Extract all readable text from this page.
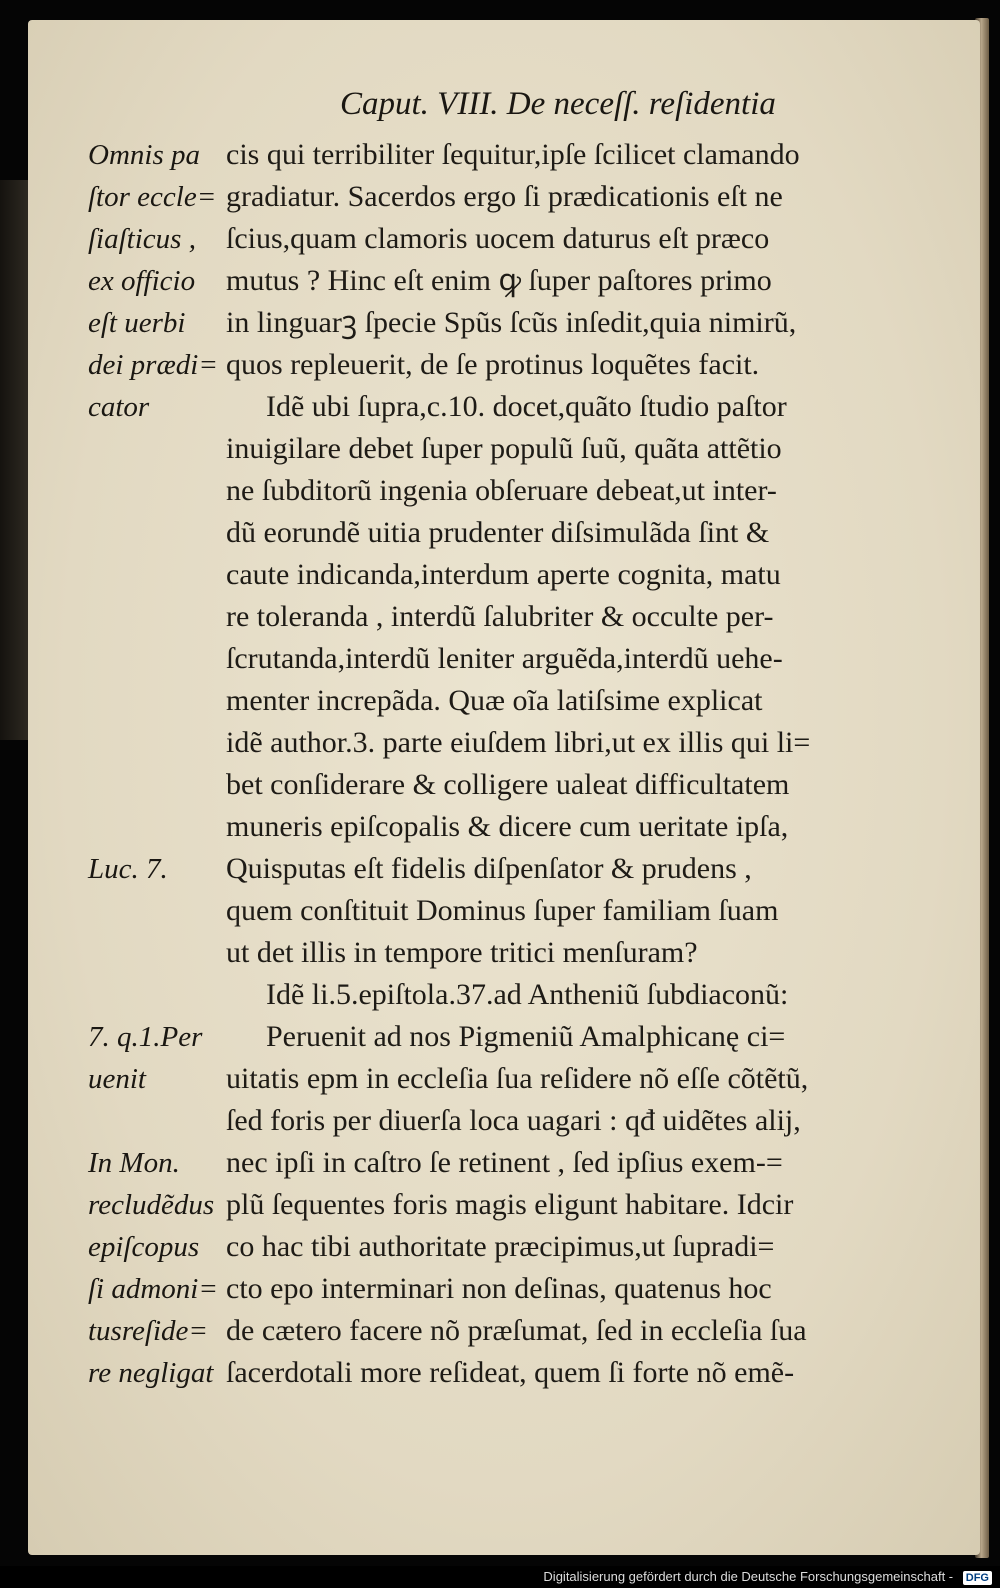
Caput. VIII. De neceſſ. reſidentia

Omnis pa
ſtor eccle=
ſiaſticus ,
ex officio
eſt uerbi
dei prædi=
cator

Luc. 7.

7. q.1.Per
uenit

In Mon.
recludẽdus
epiſcopus
ſi admoni=
tusreſide=
re negligat

cis qui terribiliter ſequitur,ipſe ſcilicet clamando
gradiatur. Sacerdos ergo ſi prædicationis eſt ne
ſcius,quam clamoris uocem daturus eſt præco
mutus ? Hinc eſt enim ꝙ ſuper paſtores primo
in linguarꝫ ſpecie Spũs ſcũs inſedit,quia nimirũ,
quos repleuerit, de ſe protinus loquẽtes facit.
Idẽ ubi ſupra,c.10. docet,quãto ſtudio paſtor
inuigilare debet ſuper populũ ſuũ, quãta attẽtio
ne ſubditorũ ingenia obſeruare debeat,ut inter-
dũ eorundẽ uitia prudenter diſsimulãda ſint &
caute indicanda,interdum aperte cognita, matu
re toleranda , interdũ ſalubriter & occulte per-
ſcrutanda,interdũ leniter arguẽda,interdũ uehe-
menter increpãda. Quæ oĩa latiſsime explicat
idẽ author.3. parte eiuſdem libri,ut ex illis qui li=
bet conſiderare & colligere ualeat difficultatem
muneris epiſcopalis & dicere cum ueritate ipſa,
Quisputas eſt fidelis diſpenſator & prudens ,
quem conſtituit Dominus ſuper familiam ſuam
ut det illis in tempore tritici menſuram?
Idẽ li.5.epiſtola.37.ad Antheniũ ſubdiaconũ:
Peruenit ad nos Pigmeniũ Amalphicanę ci=
uitatis epm in eccleſia ſua reſidere nõ eſſe cõtẽtũ,
ſed foris per diuerſa loca uagari : qđ uidẽtes alĳ,
nec ipſi in caſtro ſe retinent , ſed ipſius exem-=
plũ ſequentes foris magis eligunt habitare. Idcir
co hac tibi authoritate præcipimus,ut ſupradi=
cto epo interminari non deſinas, quatenus hoc
de cætero facere nõ præſumat, ſed in eccleſia ſua
ſacerdotali more reſideat, quem ſi forte nõ emẽ-
Digitalisierung gefördert durch die Deutsche Forschungsgemeinschaft - DFG
